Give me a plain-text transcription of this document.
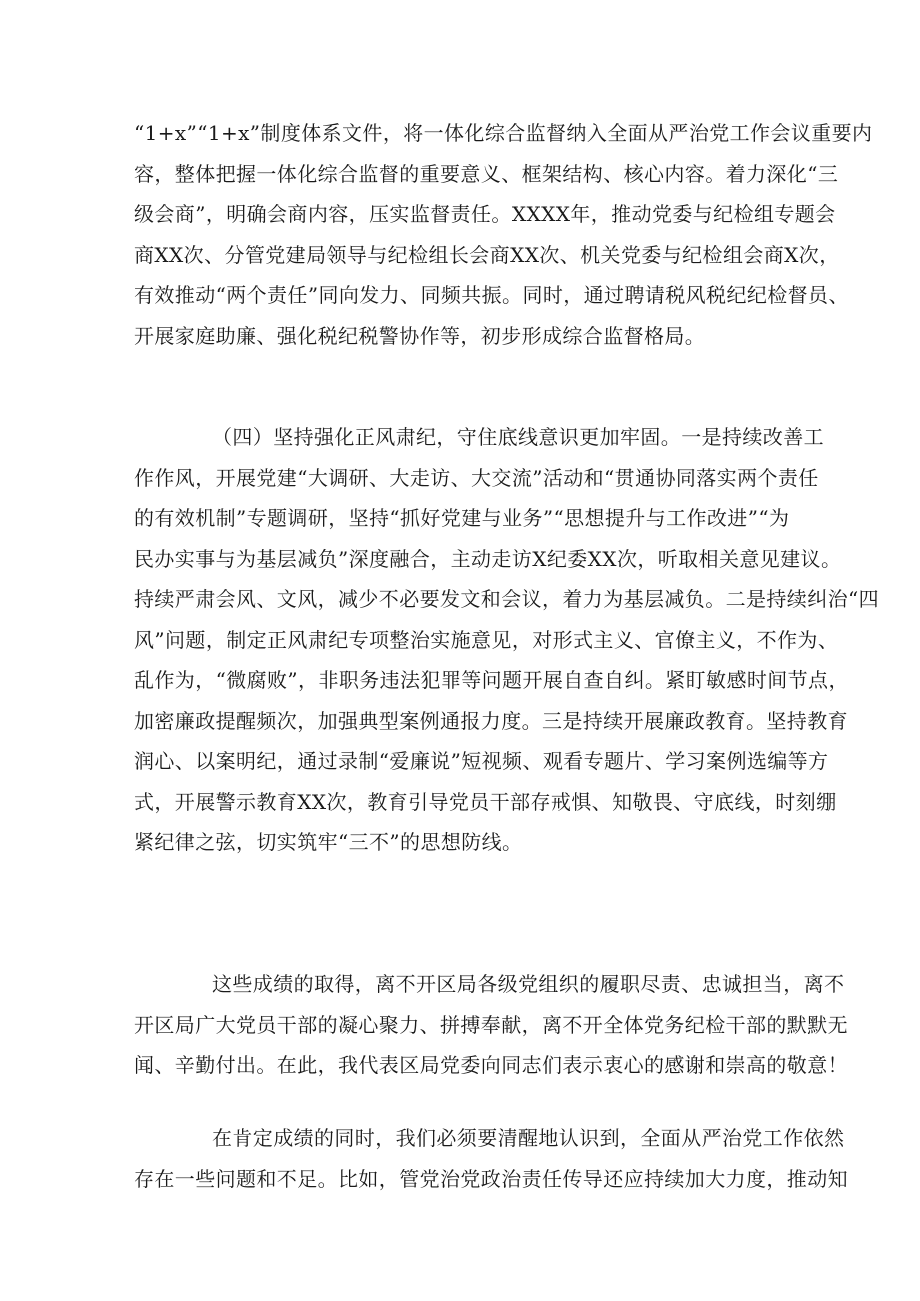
“1+x”“1+x”制度体系文件，将一体化综合监督纳入全面从严治党工作会议重要内
容，整体把握一体化综合监督的重要意义、框架结构、核心内容。着力深化“三
级会商”，明确会商内容，压实监督责任。XXXX年，推动党委与纪检组专题会
商XX次、分管党建局领导与纪检组长会商XX次、机关党委与纪检组会商X次，
有效推动“两个责任”同向发力、同频共振。同时，通过聘请税风税纪纪检督员、
开展家庭助廉、强化税纪税警协作等，初步形成综合监督格局。
（四）坚持强化正风肃纪，守住底线意识更加牢固。一是持续改善工
作作风，开展党建“大调研、大走访、大交流”活动和“贯通协同落实两个责任
的有效机制”专题调研，坚持“抓好党建与业务”“思想提升与工作改进”“为
民办实事与为基层减负”深度融合，主动走访X纪委XX次，听取相关意见建议。
持续严肃会风、文风，减少不必要发文和会议，着力为基层减负。二是持续纠治“四
风”问题，制定正风肃纪专项整治实施意见，对形式主义、官僚主义，不作为、
乱作为，“微腐败”，非职务违法犯罪等问题开展自查自纠。紧盯敏感时间节点，
加密廉政提醒频次，加强典型案例通报力度。三是持续开展廉政教育。坚持教育
润心、以案明纪，通过录制“爱廉说”短视频、观看专题片、学习案例选编等方
式，开展警示教育XX次，教育引导党员干部存戒惧、知敬畏、守底线，时刻绷
紧纪律之弦，切实筑牢“三不”的思想防线。
这些成绩的取得，离不开区局各级党组织的履职尽责、忠诚担当，离不
开区局广大党员干部的凝心聚力、拼搏奉献，离不开全体党务纪检干部的默默无
闻、辛勤付出。在此，我代表区局党委向同志们表示衷心的感谢和崇高的敬意！
在肯定成绩的同时，我们必须要清醒地认识到，全面从严治党工作依然
存在一些问题和不足。比如，管党治党政治责任传导还应持续加大力度，推动知
